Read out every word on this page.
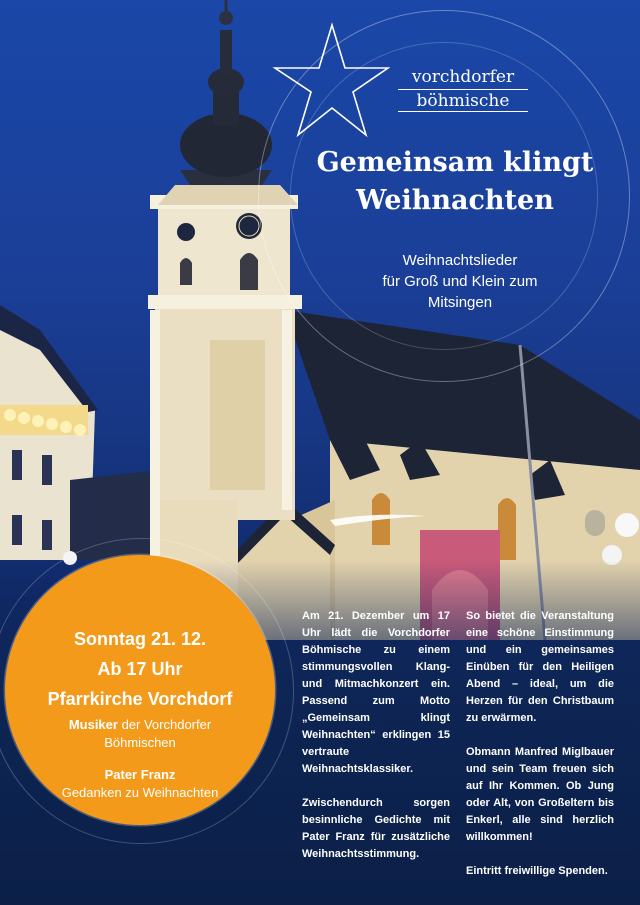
vorchdorfer
böhmische
Gemeinsam klingt
Weihnachten
Weihnachtslieder
für Groß und Klein zum
Mitsingen
Sonntag 21. 12.
Ab 17 Uhr
Pfarrkirche Vorchdorf
Musiker der Vorchdorfer
Böhmischen
Pater Franz
Gedanken zu Weihnachten

Am 21. Dezember um 17 Uhr lädt die Vorchdorfer Böhmische zu einem stimmungsvollen Klang- und Mitmachkonzert ein. Passend zum Motto „Gemeinsam klingt Weihnachten“ erklingen 15 vertraute Weihnachtsklassiker.

Zwischendurch sorgen besinnliche Gedichte mit Pater Franz für zusätzliche Weihnachtsstimmung.

So bietet die Veranstaltung eine schöne Einstimmung und ein gemeinsames Einüben für den Heiligen Abend – ideal, um die Herzen für den Christbaum zu erwärmen.

Obmann Manfred Miglbauer und sein Team freuen sich auf Ihr Kommen. Ob Jung oder Alt, von Großeltern bis Enkerl, alle sind herzlich willkommen!

Eintritt freiwillige Spenden.
